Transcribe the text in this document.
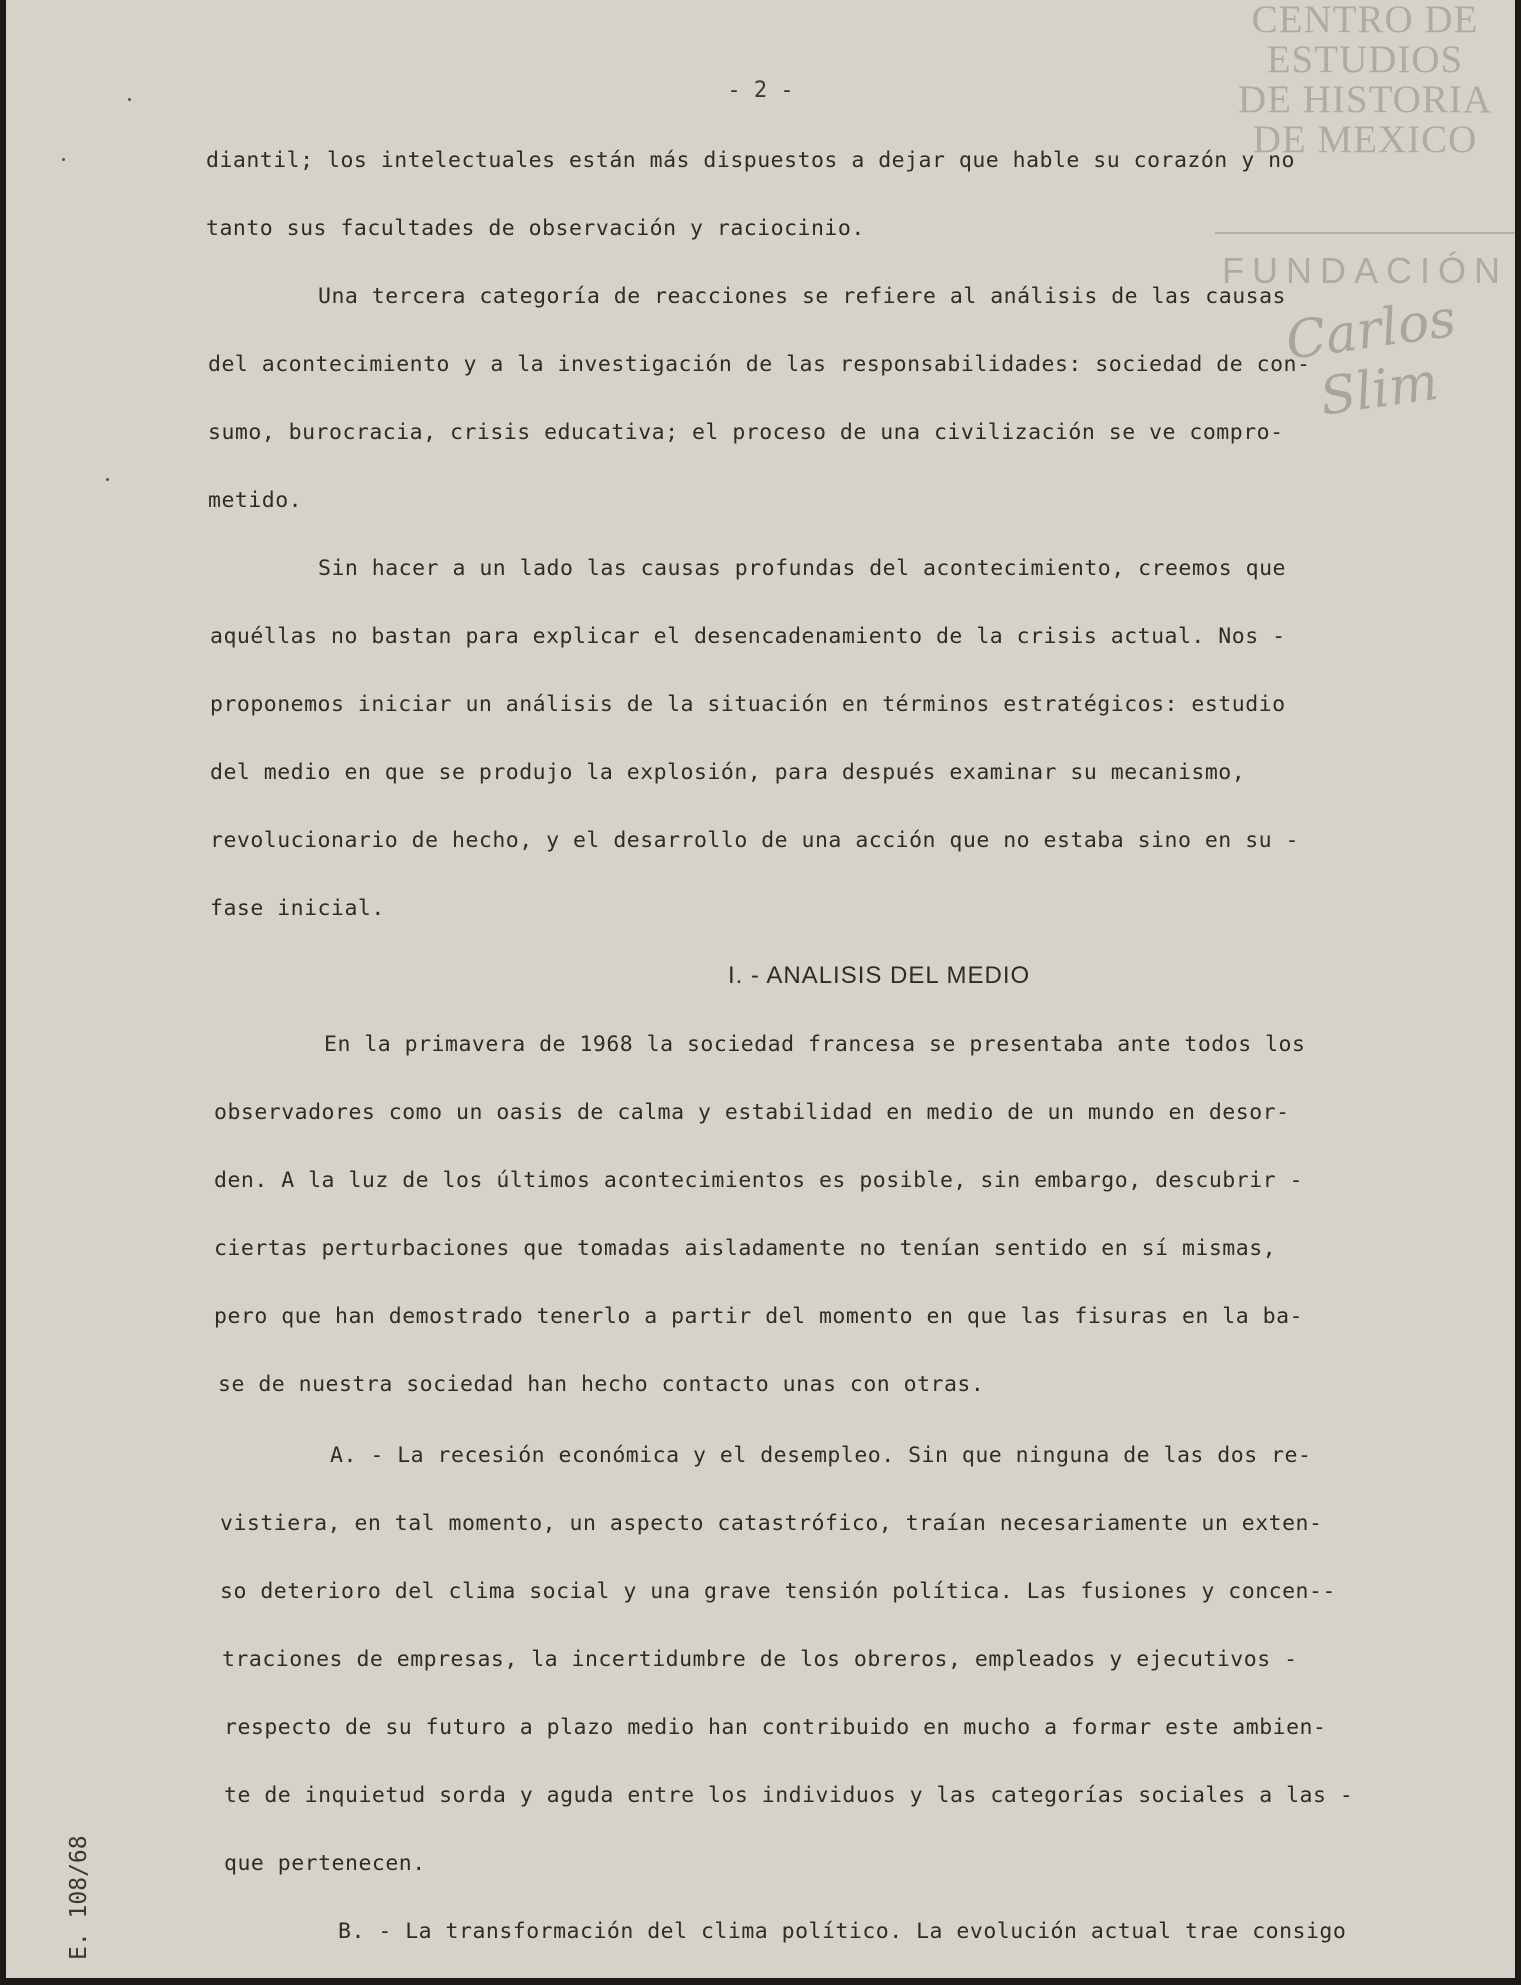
CENTRO DE
ESTUDIOS
DE HISTORIA
DE MEXICO
FUNDACIÓN
Carlos Slim
- 2 -
diantil; los intelectuales están más dispuestos a dejar que hable su corazón y no
tanto sus facultades de observación y raciocinio.
Una tercera categoría de reacciones se refiere al análisis de las causas
del acontecimiento y a la investigación de las responsabilidades: sociedad de con-
sumo, burocracia, crisis educativa; el proceso de una civilización se ve compro-
metido.
Sin hacer a un lado las causas profundas del acontecimiento, creemos que
aquéllas no bastan para explicar el desencadenamiento de la crisis actual. Nos -
proponemos iniciar un análisis de la situación en términos estratégicos: estudio
del medio en que se produjo la explosión, para después examinar su mecanismo,
revolucionario de hecho, y el desarrollo de una acción que no estaba sino en su -
fase inicial.
I. - ANALISIS DEL MEDIO
En la primavera de 1968 la sociedad francesa se presentaba ante todos los
observadores como un oasis de calma y estabilidad en medio de un mundo en desor-
den. A la luz de los últimos acontecimientos es posible, sin embargo, descubrir -
ciertas perturbaciones que tomadas aisladamente no tenían sentido en sí mismas,
pero que han demostrado tenerlo a partir del momento en que las fisuras en la ba-
se de nuestra sociedad han hecho contacto unas con otras.
A. - La recesión económica y el desempleo. Sin que ninguna de las dos re-
vistiera, en tal momento, un aspecto catastrófico, traían necesariamente un exten-
so deterioro del clima social y una grave tensión política. Las fusiones y concen--
traciones de empresas, la incertidumbre de los obreros, empleados y ejecutivos -
respecto de su futuro a plazo medio han contribuido en mucho a formar este ambien-
te de inquietud sorda y aguda entre los individuos y las categorías sociales a las -
que pertenecen.
B. - La transformación del clima político. La evolución actual trae consigo
E. 108/68
